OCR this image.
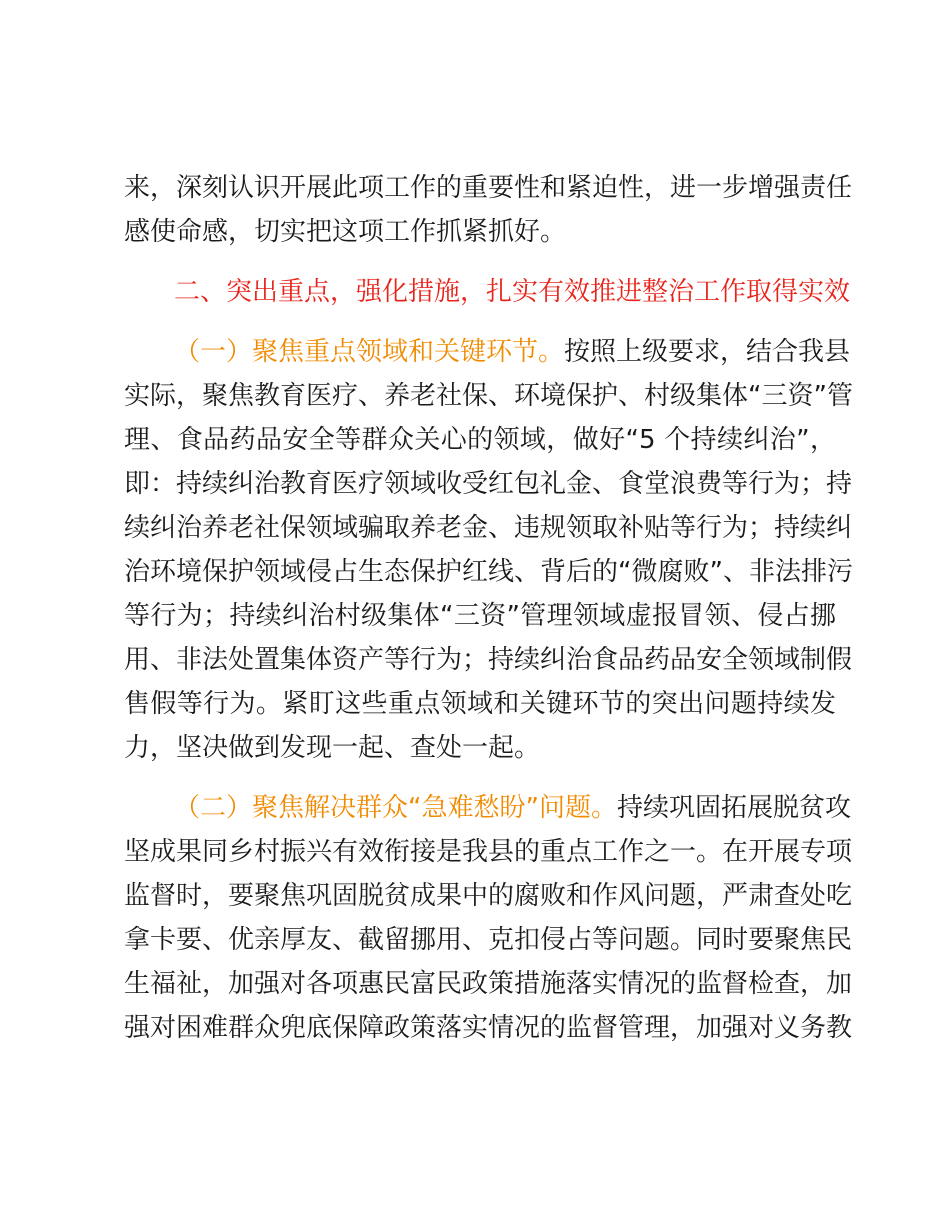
来，深刻认识开展此项工作的重要性和紧迫性，进一步增强责任
感使命感，切实把这项工作抓紧抓好。
二、突出重点，强化措施，扎实有效推进整治工作取得实效
（一）聚焦重点领域和关键环节。按照上级要求，结合我县
实际，聚焦教育医疗、养老社保、环境保护、村级集体“三资”管
理、食品药品安全等群众关心的领域，做好“5 个持续纠治”，
即：持续纠治教育医疗领域收受红包礼金、食堂浪费等行为；持
续纠治养老社保领域骗取养老金、违规领取补贴等行为；持续纠
治环境保护领域侵占生态保护红线、背后的“微腐败”、非法排污
等行为；持续纠治村级集体“三资”管理领域虚报冒领、侵占挪
用、非法处置集体资产等行为；持续纠治食品药品安全领域制假
售假等行为。紧盯这些重点领域和关键环节的突出问题持续发
力，坚决做到发现一起、查处一起。
（二）聚焦解决群众“急难愁盼”问题。持续巩固拓展脱贫攻
坚成果同乡村振兴有效衔接是我县的重点工作之一。在开展专项
监督时，要聚焦巩固脱贫成果中的腐败和作风问题，严肃查处吃
拿卡要、优亲厚友、截留挪用、克扣侵占等问题。同时要聚焦民
生福祉，加强对各项惠民富民政策措施落实情况的监督检查，加
强对困难群众兜底保障政策落实情况的监督管理，加强对义务教
